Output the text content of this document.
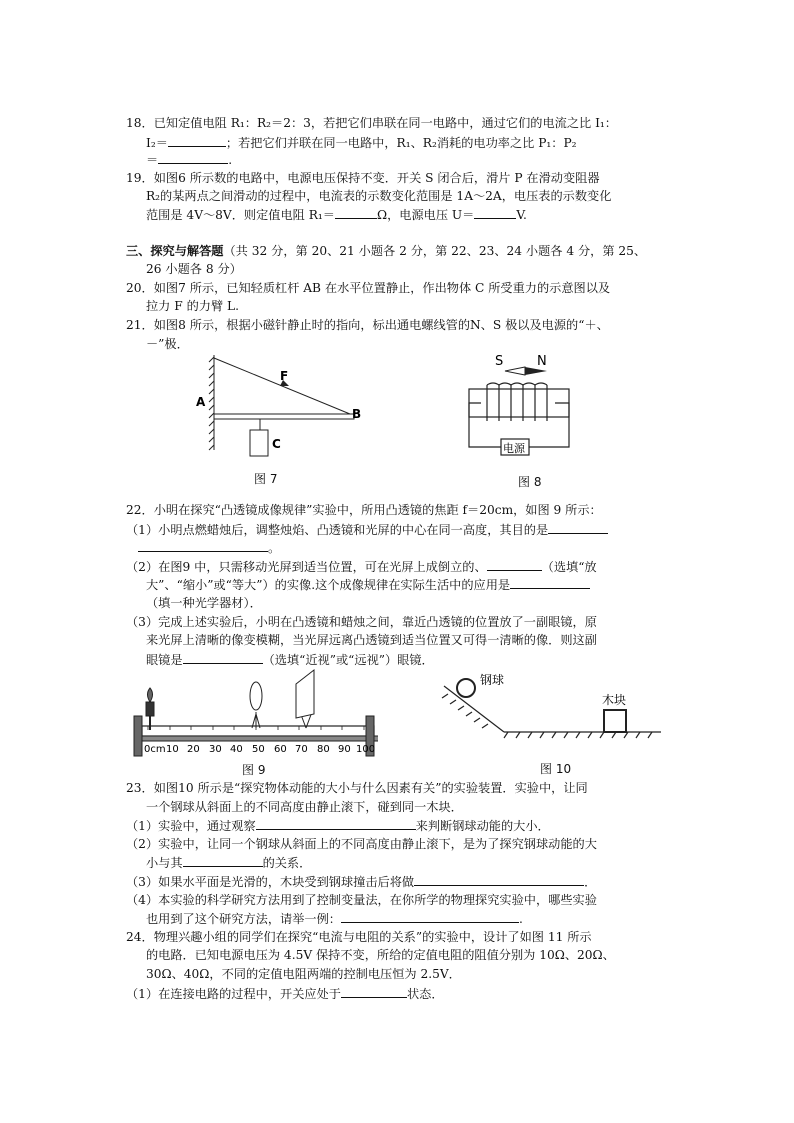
18．已知定值电阻 R₁：R₂＝2：3，若把它们串联在同一电路中，通过它们的电流之比 I₁：
I₂＝	；若把它们并联在同一电路中，R₁、R₂消耗的电功率之比 P₁：P₂
＝	.
19．如图6 所示数的电路中，电源电压保持不变．开关 S 闭合后，滑片 P 在滑动变阻器
R₂的某两点之间滑动的过程中，电流表的示数变化范围是 1A～2A，电压表的示数变化
范围是 4V～8V．则定值电阻 R₁＝	Ω，电源电压 U＝	V.
三、探究与解答题（共 32 分，第 20、21 小题各 2 分，第 22、23、24 小题各 4 分，第 25、
26 小题各 8 分）
20．如图7 所示，已知轻质杠杆 AB 在水平位置静止，作出物体 C 所受重力的示意图以及
拉力 F 的力臂 L.
21．如图8 所示，根据小磁针静止时的指向，标出通电螺线管的N、S 极以及电源的“＋、
－”极．
A
B
C
F
图 7
S	N
电源
图 8
22．小明在探究“凸透镜成像规律”实验中，所用凸透镜的焦距 f＝20cm，如图 9 所示：
（1）小明点燃蜡烛后，调整烛焰、凸透镜和光屏的中心在同一高度，其目的是
。
（2）在图9 中，只需移动光屏到适当位置，可在光屏上成倒立的、	（选填“放
大”、“缩小”或“等大”）的实像.这个成像规律在实际生活中的应用是
（填一种光学器材）．
（3）完成上述实验后，小明在凸透镜和蜡烛之间，靠近凸透镜的位置放了一副眼镜，原
来光屏上清晰的像变模糊，当光屏远离凸透镜到适当位置又可得一清晰的像．则这副
眼镜是	（选填“近视”或“远视”）眼镜．
0cm 10 20 30 40 50 60 70 80 90 100
图 9
钢球
木块
图 10
23．如图10 所示是“探究物体动能的大小与什么因素有关”的实验装置．实验中，让同
一个钢球从斜面上的不同高度由静止滚下，碰到同一木块．
（1）实验中，通过观察	来判断钢球动能的大小．
（2）实验中，让同一个钢球从斜面上的不同高度由静止滚下，是为了探究钢球动能的大
小与其	的关系．
（3）如果水平面是光滑的，木块受到钢球撞击后将做	．
（4）本实验的科学研究方法用到了控制变量法，在你所学的物理探究实验中，哪些实验
也用到了这个研究方法，请举一例：	.
24．物理兴趣小组的同学们在探究“电流与电阻的关系”的实验中，设计了如图 11 所示
的电路．已知电源电压为 4.5V 保持不变，所给的定值电阻的阻值分别为 10Ω、20Ω、
30Ω、40Ω，不同的定值电阻两端的控制电压恒为 2.5V．
（1）在连接电路的过程中，开关应处于	状态．
